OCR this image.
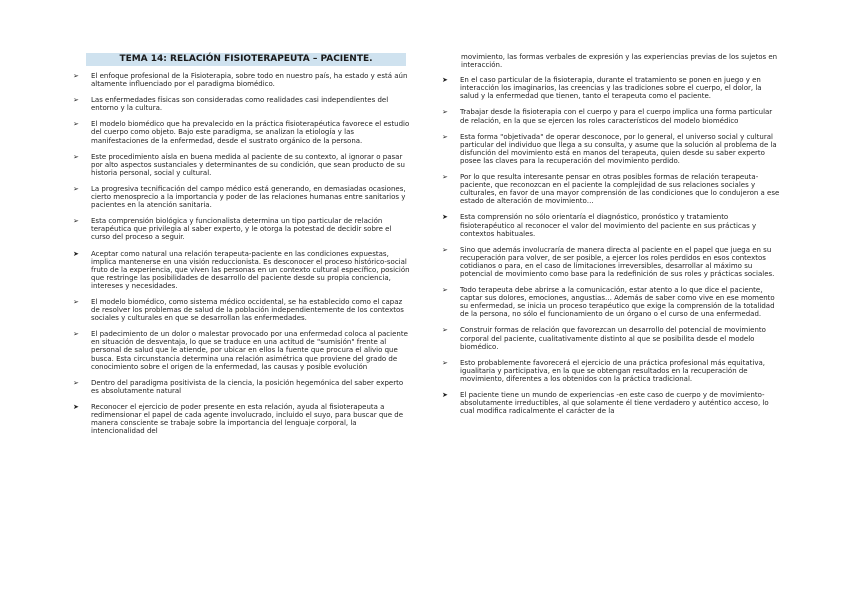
TEMA 14: RELACIÓN FISIOTERAPEUTA – PACIENTE.
➢	El enfoque profesional de la Fisioterapia, sobre todo en nuestro país, ha estado y está aún altamente influenciado por el paradigma biomédico.
➢	Las enfermedades físicas son consideradas como realidades casi independientes del entorno y la cultura.
➢	El modelo biomédico que ha prevalecido en la práctica fisioterapéutica favorece el estudio del cuerpo como objeto. Bajo este paradigma, se analizan la etiología y las manifestaciones de la enfermedad, desde el sustrato orgánico de la persona.
➢	Este procedimiento aísla en buena medida al paciente de su contexto, al ignorar o pasar por alto aspectos sustanciales y determinantes de su condición, que sean producto de su historia personal, social y cultural.
➢	La progresiva tecnificación del campo médico está generando, en demasiadas ocasiones, cierto menosprecio a la importancia y poder de las relaciones humanas entre sanitarios y pacientes en la atención sanitaria.
➢	Esta comprensión biológica y funcionalista determina un tipo particular de relación terapéutica que privilegia al saber experto, y le otorga la potestad de decidir sobre el curso del proceso a seguir.
➤	Aceptar como natural una relación terapeuta-paciente en las condiciones expuestas, implica mantenerse en una visión reduccionista. Es desconocer el proceso histórico-social fruto de la experiencia, que viven las personas en un contexto cultural específico, posición que restringe las posibilidades de desarrollo del paciente desde su propia conciencia, intereses y necesidades.
➢	El modelo biomédico, como sistema médico occidental, se ha establecido como el capaz de resolver los problemas de salud de la población independientemente de los contextos sociales y culturales en que se desarrollan las enfermedades.
➢	El padecimiento de un dolor o malestar provocado por una enfermedad coloca al paciente en situación de desventaja, lo que se traduce en una actitud de "sumisión" frente al personal de salud que le atiende, por ubicar en ellos la fuente que procura el alivio que busca. Esta circunstancia determina una relación asimétrica que proviene del grado de conocimiento sobre el origen de la enfermedad, las causas y posible evolución
➢	Dentro del paradigma positivista de la ciencia, la posición hegemónica del saber experto es absolutamente natural
➤	Reconocer el ejercicio de poder presente en esta relación, ayuda al fisioterapeuta a redimensionar el papel de cada agente involucrado, incluido el suyo, para buscar que de manera consciente se trabaje sobre la importancia del lenguaje corporal, la intencionalidad del
movimiento, las formas verbales de expresión y las experiencias previas de los sujetos en interacción.
➤	En el caso particular de la fisioterapia, durante el tratamiento se ponen en juego y en interacción los imaginarios, las creencias y las tradiciones sobre el cuerpo, el dolor, la salud y la enfermedad que tienen, tanto el terapeuta como el paciente.
➢	Trabajar desde la fisioterapia con el cuerpo y para el cuerpo implica una forma particular de relación, en la que se ejercen los roles característicos del modelo biomédico
➢	Esta forma "objetivada" de operar desconoce, por lo general, el universo social y cultural particular del individuo que llega a su consulta, y asume que la solución al problema de la disfunción del movimiento está en manos del terapeuta, quien desde su saber experto posee las claves para la recuperación del movimiento perdido.
➢	Por lo que resulta interesante pensar en otras posibles formas de relación terapeuta-paciente, que reconozcan en el paciente la complejidad de sus relaciones sociales y culturales, en favor de una mayor comprensión de las condiciones que lo condujeron a ese estado de alteración de movimiento…
➤	Esta comprensión no sólo orientaría el diagnóstico, pronóstico y tratamiento fisioterapéutico al reconocer el valor del movimiento del paciente en sus prácticas y contextos habituales.
➢	Sino que además involucraría de manera directa al paciente en el papel que juega en su recuperación para volver, de ser posible, a ejercer los roles perdidos en esos contextos cotidianos o para, en el caso de limitaciones irreversibles, desarrollar al máximo su potencial de movimiento como base para la redefinición de sus roles y prácticas sociales.
➢	Todo terapeuta debe abrirse a la comunicación, estar atento a lo que dice el paciente, captar sus dolores, emociones, angustias… Además de saber como vive en ese momento su enfermedad, se inicia un proceso terapéutico que exige la comprensión de la totalidad de la persona, no sólo el funcionamiento de un órgano o el curso de una enfermedad.
➢	Construir formas de relación que favorezcan un desarrollo del potencial de movimiento corporal del paciente, cualitativamente distinto al que se posibilita desde el modelo biomédico.
➢	Esto probablemente favorecerá el ejercicio de una práctica profesional más equitativa, igualitaria y participativa, en la que se obtengan resultados en la recuperación de movimiento, diferentes a los obtenidos con la práctica tradicional.
➤	El paciente tiene un mundo de experiencias -en este caso de cuerpo y de movimiento- absolutamente irreductibles, al que solamente él tiene verdadero y auténtico acceso, lo cual modifica radicalmente el carácter de la
